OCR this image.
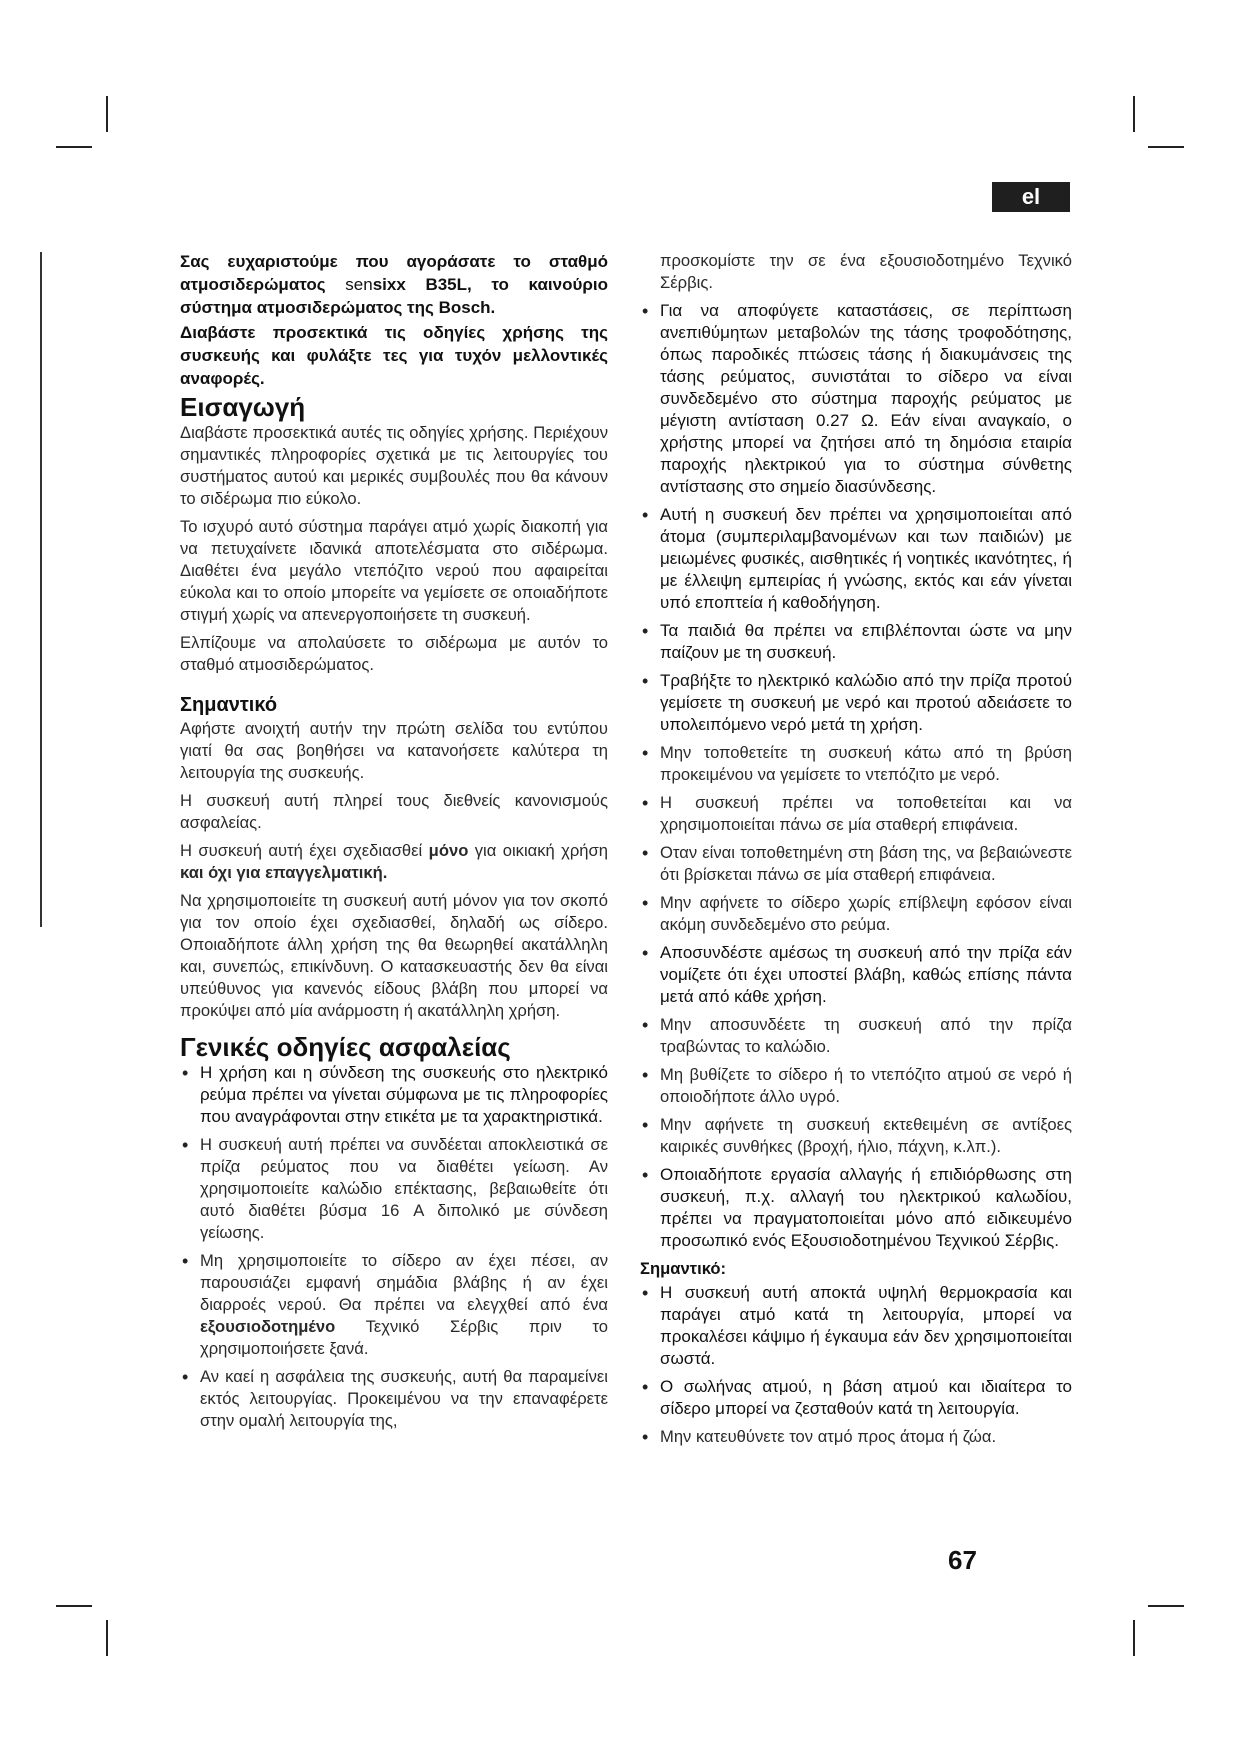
el

Σας ευχαριστούμε που αγοράσατε το σταθμό ατμοσιδερώματος sensixx B35L, το καινούριο σύστημα ατμοσιδερώματος της Bosch.

Διαβάστε προσεκτικά τις οδηγίες χρήσης της συσκευής και φυλάξτε τες για τυχόν μελλοντικές αναφορές.

Εισαγωγή

Διαβάστε προσεκτικά αυτές τις οδηγίες χρήσης. Περιέχουν σημαντικές πληροφορίες σχετικά με τις λειτουργίες του συστήματος αυτού και μερικές συμβουλές που θα κάνουν το σιδέρωμα πιο εύκολο.

Το ισχυρό αυτό σύστημα παράγει ατμό χωρίς διακοπή για να πετυχαίνετε ιδανικά αποτελέσματα στο σιδέρωμα. Διαθέτει ένα μεγάλο ντεπόζιτο νερού που αφαιρείται εύκολα και το οποίο μπορείτε να γεμίσετε σε οποιαδήποτε στιγμή χωρίς να απενεργοποιήσετε τη συσκευή.

Ελπίζουμε να απολαύσετε το σιδέρωμα με αυτόν το σταθμό ατμοσιδερώματος.

Σημαντικό

Αφήστε ανοιχτή αυτήν την πρώτη σελίδα του εντύπου γιατί θα σας βοηθήσει να κατανοήσετε καλύτερα τη λειτουργία της συσκευής.

Η συσκευή αυτή πληρεί τους διεθνείς κανονισμούς ασφαλείας.

Η συσκευή αυτή έχει σχεδιασθεί μόνο για οικιακή χρήση και όχι για επαγγελματική.

Να χρησιμοποιείτε τη συσκευή αυτή μόνον για τον σκοπό για τον οποίο έχει σχεδιασθεί, δηλαδή ως σίδερο. Οποιαδήποτε άλλη χρήση της θα θεωρηθεί ακατάλληλη και, συνεπώς, επικίνδυνη. Ο κατασκευαστής δεν θα είναι υπεύθυνος για κανενός είδους βλάβη που μπορεί να προκύψει από μία ανάρμοστη ή ακατάλληλη χρήση.

Γενικές οδηγίες ασφαλείας
• Η χρήση και η σύνδεση της συσκευής στο ηλεκτρικό ρεύμα πρέπει να γίνεται σύμφωνα με τις πληροφορίες που αναγράφονται στην ετικέτα με τα χαρακτηριστικά.
• Η συσκευή αυτή πρέπει να συνδέεται αποκλειστικά σε πρίζα ρεύματος που να διαθέτει γείωση. Αν χρησιμοποιείτε καλώδιο επέκτασης, βεβαιωθείτε ότι αυτό διαθέτει βύσμα 16 A διπολικό με σύνδεση γείωσης.
• Μη χρησιμοποιείτε το σίδερο αν έχει πέσει, αν παρουσιάζει εμφανή σημάδια βλάβης ή αν έχει διαρροές νερού. Θα πρέπει να ελεγχθεί από ένα εξουσιοδοτημένο Τεχνικό Σέρβις πριν το χρησιμοποιήσετε ξανά.
• Αν καεί η ασφάλεια της συσκευής, αυτή θα παραμείνει εκτός λειτουργίας. Προκειμένου να την επαναφέρετε στην ομαλή λειτουργία της,

προσκομίστε την σε ένα εξουσιοδοτημένο Τεχνικό Σέρβις.

• Για να αποφύγετε καταστάσεις, σε περίπτωση ανεπιθύμητων μεταβολών της τάσης τροφοδότησης, όπως παροδικές πτώσεις τάσης ή διακυμάνσεις της τάσης ρεύματος, συνιστάται το σίδερο να είναι συνδεδεμένο στο σύστημα παροχής ρεύματος με μέγιστη αντίσταση 0.27 Ω. Εάν είναι αναγκαίο, ο χρήστης μπορεί να ζητήσει από τη δημόσια εταιρία παροχής ηλεκτρικού για το σύστημα σύνθετης αντίστασης στο σημείο διασύνδεσης.
• Αυτή η συσκευή δεν πρέπει να χρησιμοποιείται από άτομα (συμπεριλαμβανομένων και των παιδιών) με μειωμένες φυσικές, αισθητικές ή νοητικές ικανότητες, ή με έλλειψη εμπειρίας ή γνώσης, εκτός και εάν γίνεται υπό εποπτεία ή καθοδήγηση.
• Τα παιδιά θα πρέπει να επιβλέπονται ώστε να μην παίζουν με τη συσκευή.
• Τραβήξτε το ηλεκτρικό καλώδιο από την πρίζα προτού γεμίσετε τη συσκευή με νερό και προτού αδειάσετε το υπολειπόμενο νερό μετά τη χρήση.
• Μην τοποθετείτε τη συσκευή κάτω από τη βρύση προκειμένου να γεμίσετε το ντεπόζιτο με νερό.
• Η συσκευή πρέπει να τοποθετείται και να χρησιμοποιείται πάνω σε μία σταθερή επιφάνεια.
• Οταν είναι τοποθετημένη στη βάση της, να βεβαιώνεστε ότι βρίσκεται πάνω σε μία σταθερή επιφάνεια.
• Μην αφήνετε το σίδερο χωρίς επίβλεψη εφόσον είναι ακόμη συνδεδεμένο στο ρεύμα.
• Αποσυνδέστε αμέσως τη συσκευή από την πρίζα εάν νομίζετε ότι έχει υποστεί βλάβη, καθώς επίσης πάντα μετά από κάθε χρήση.
• Μην αποσυνδέετε τη συσκευή από την πρίζα τραβώντας το καλώδιο.
• Μη βυθίζετε το σίδερο ή το ντεπόζιτο ατμού σε νερό ή οποιοδήποτε άλλο υγρό.
• Μην αφήνετε τη συσκευή εκτεθειμένη σε αντίξοες καιρικές συνθήκες (βροχή, ήλιο, πάχνη, κ.λπ.).
• Οποιαδήποτε εργασία αλλαγής ή επιδιόρθωσης στη συσκευή, π.χ. αλλαγή του ηλεκτρικού καλωδίου, πρέπει να πραγματοποιείται μόνο από ειδικευμένο προσωπικό ενός Εξουσιοδοτημένου Τεχνικού Σέρβις.
Σημαντικό:
• Η συσκευή αυτή αποκτά υψηλή θερμοκρασία και παράγει ατμό κατά τη λειτουργία, μπορεί να προκαλέσει κάψιμο ή έγκαυμα εάν δεν χρησιμοποιείται σωστά.
• Ο σωλήνας ατμού, η βάση ατμού και ιδιαίτερα το σίδερο μπορεί να ζεσταθούν κατά τη λειτουργία.
• Μην κατευθύνετε τον ατμό προς άτομα ή ζώα.
67
